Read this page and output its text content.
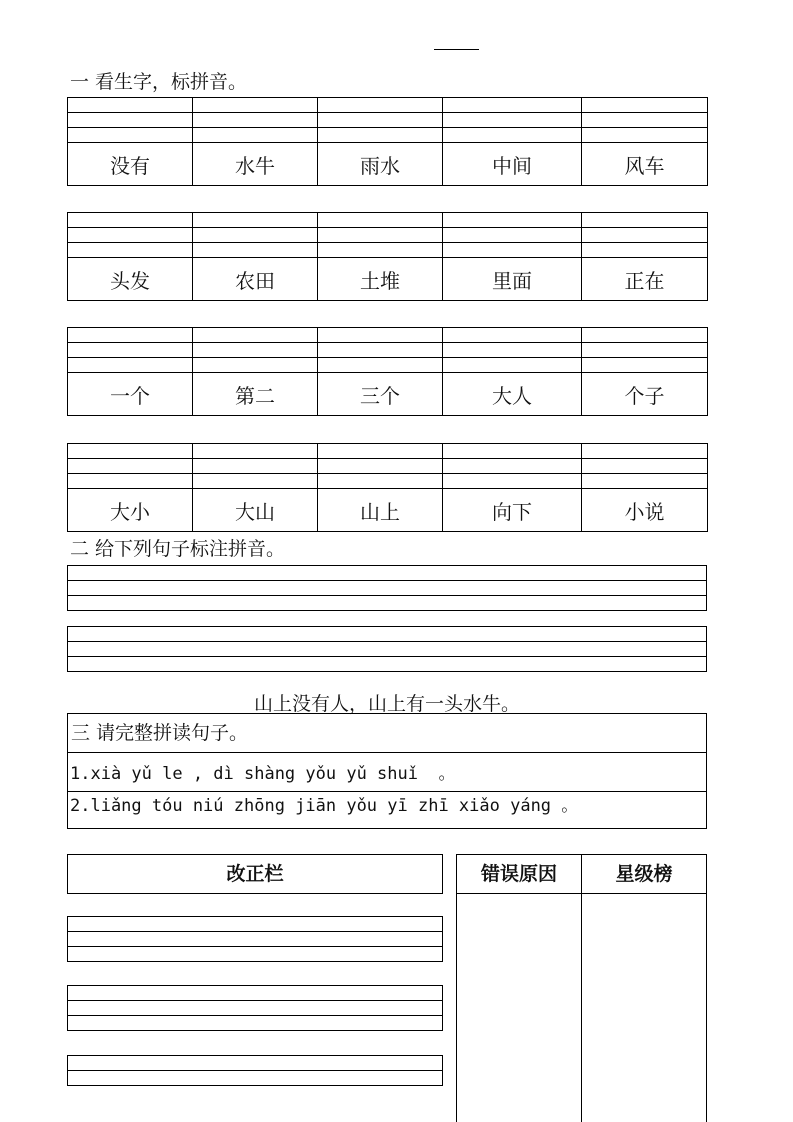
一 看生字，标拼音。

没有	水牛	雨水	中间	风车

头发	农田	土堆	里面	正在

一个	第二	三个	大人	个子

大小	大山	山上	向下	小说
二 给下列句子标注拼音。
山上没有人，山上有一头水牛。
三 请完整拼读句子。
1.xià yǔ le , dì shàng yǒu yǔ shuǐ  。
2.liǎng tóu niú zhōng jiān yǒu yī zhī xiǎo yáng 。
改正栏	错误原因	星级榜
